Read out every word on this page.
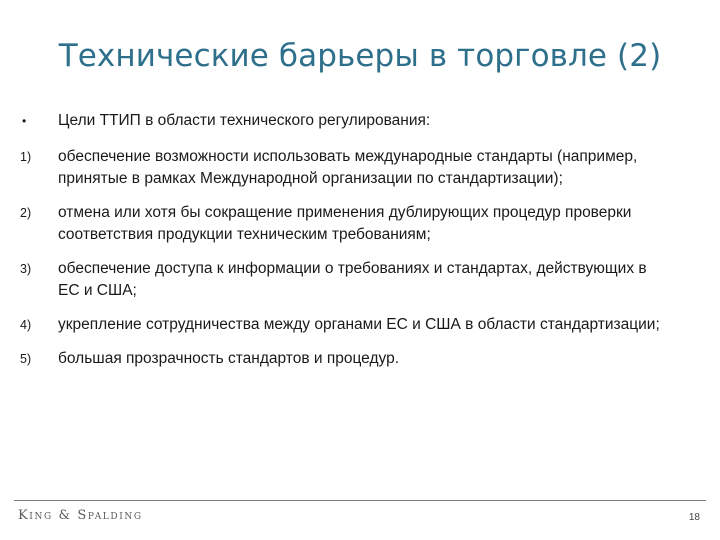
Технические барьеры в торговле (2)
•	Цели ТТИП в области технического регулирования:
1)	обеспечение возможности использовать международные стандарты (например, принятые в рамках Международной организации по стандартизации);
2)	отмена или хотя бы сокращение применения дублирующих процедур проверки соответствия продукции техническим требованиям;
3)	обеспечение доступа к информации о требованиях и стандартах, действующих в ЕС и США;
4)	укрепление сотрудничества между органами ЕС и США в области стандартизации;
5)	большая прозрачность стандартов и процедур.
King & Spalding	18
